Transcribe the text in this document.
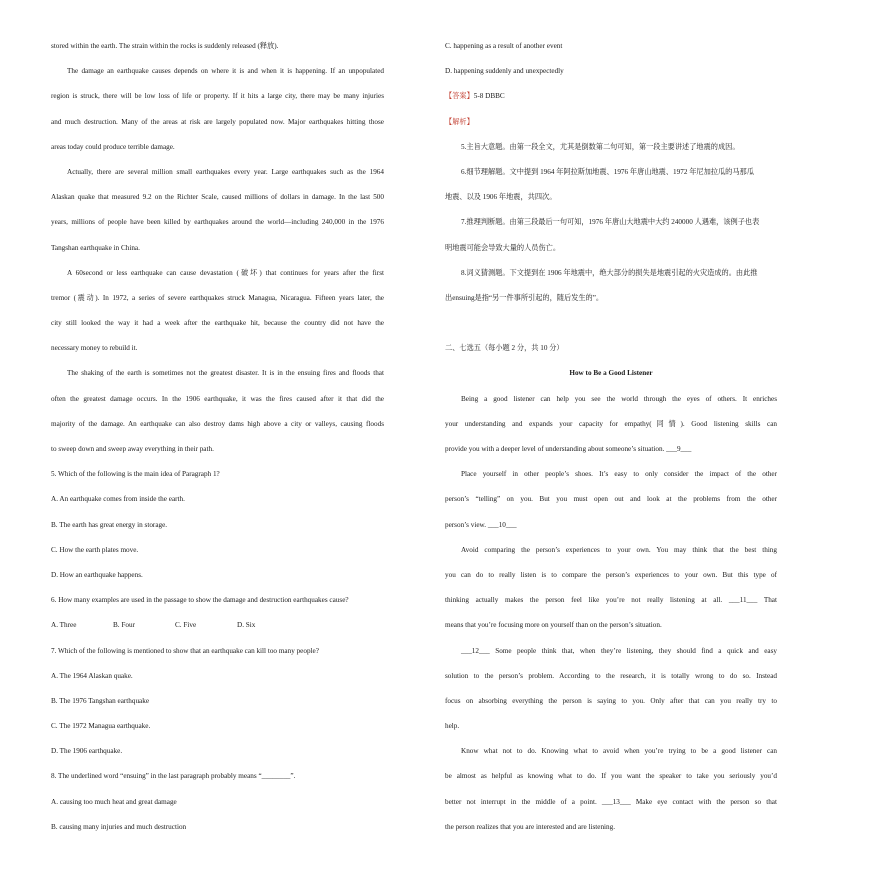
stored within the earth. The strain within the rocks is suddenly released (释放).
The damage an earthquake causes depends on where it is and when it is happening. If an unpopulated
region is struck, there will be low loss of life or property. If it hits a large city, there may be many injuries
and much destruction. Many of the areas at risk are largely populated now. Major earthquakes hitting those
areas today could produce terrible damage.
Actually, there are several million small earthquakes every year. Large earthquakes such as the 1964
Alaskan quake that measured 9.2 on the Richter Scale, caused millions of dollars in damage. In the last 500
years, millions of people have been killed by earthquakes around the world—including 240,000 in the 1976
Tangshan earthquake in China.
A 60second or less earthquake can cause devastation (破坏) that continues for years after the first
tremor (震动). In 1972, a series of severe earthquakes struck Managua, Nicaragua. Fifteen years later, the
city still looked the way it had a week after the earthquake hit, because the country did not have the
necessary money to rebuild it.
The shaking of the earth is sometimes not the greatest disaster. It is in the ensuing fires and floods that
often the greatest damage occurs. In the 1906 earthquake, it was the fires caused after it that did the
majority of the damage. An earthquake can also destroy dams high above a city or valleys, causing floods
to sweep down and sweep away everything in their path.
5. Which of the following is the main idea of Paragraph 1?
A. An earthquake comes from inside the earth.
B. The earth has great energy in storage.
C. How the earth plates move.
D. How an earthquake happens.
6. How many examples are used in the passage to show the damage and destruction earthquakes cause?
A. Three	B. Four	C. Five	D. Six
7. Which of the following is mentioned to show that an earthquake can kill too many people?
A. The 1964 Alaskan quake.
B. The 1976 Tangshan earthquake
C. The 1972 Managua earthquake.
D. The 1906 earthquake.
8. The underlined word “ensuing” in the last paragraph probably means “________”.
A. causing too much heat and great damage
B. causing many injuries and much destruction
C. happening as a result of another event
D. happening suddenly and unexpectedly
【答案】5-8 DBBC
【解析】
5.主旨大意题。由第一段全文，尤其是倒数第二句可知，第一段主要讲述了地震的成因。
6.细节理解题。文中提到 1964 年阿拉斯加地震、1976 年唐山地震、1972 年尼加拉瓜的马那瓜
地震、以及 1906 年地震，共四次。
7.推理判断题。由第三段最后一句可知，1976 年唐山大地震中大约 240000 人遇难，该例子也表
明地震可能会导致大量的人员伤亡。
8.词义猜测题。下文提到在 1906 年地震中，绝大部分的损失是地震引起的火灾造成的。由此推
出ensuing是指“另一件事所引起的，随后发生的”。
二、七选五（每小题 2 分，共 10 分）
How to Be a Good Listener
Being a good listener can help you see the world through the eyes of others. It enriches
your understanding and expands your capacity for empathy(同情). Good listening skills can
provide you with a deeper level of understanding about someone’s situation. ___9___
Place yourself in other people’s shoes. It’s easy to only consider the impact of the other
person’s “telling” on you. But you must open out and look at the problems from the other
person’s view. ___10___
Avoid comparing the person’s experiences to your own. You may think that the best thing
you can do to really listen is to compare the person’s experiences to your own. But this type of
thinking actually makes the person feel like you’re not really listening at all. ___11___ That
means that you’re focusing more on yourself than on the person’s situation.
___12___ Some people think that, when they’re listening, they should find a quick and easy
solution to the person’s problem. According to the research, it is totally wrong to do so. Instead
focus on absorbing everything the person is saying to you. Only after that can you really try to
help.
Know what not to do. Knowing what to avoid when you’re trying to be a good listener can
be almost as helpful as knowing what to do. If you want the speaker to take you seriously you’d
better not interrupt in the middle of a point. ___13___ Make eye contact with the person so that
the person realizes that you are interested and are listening.
